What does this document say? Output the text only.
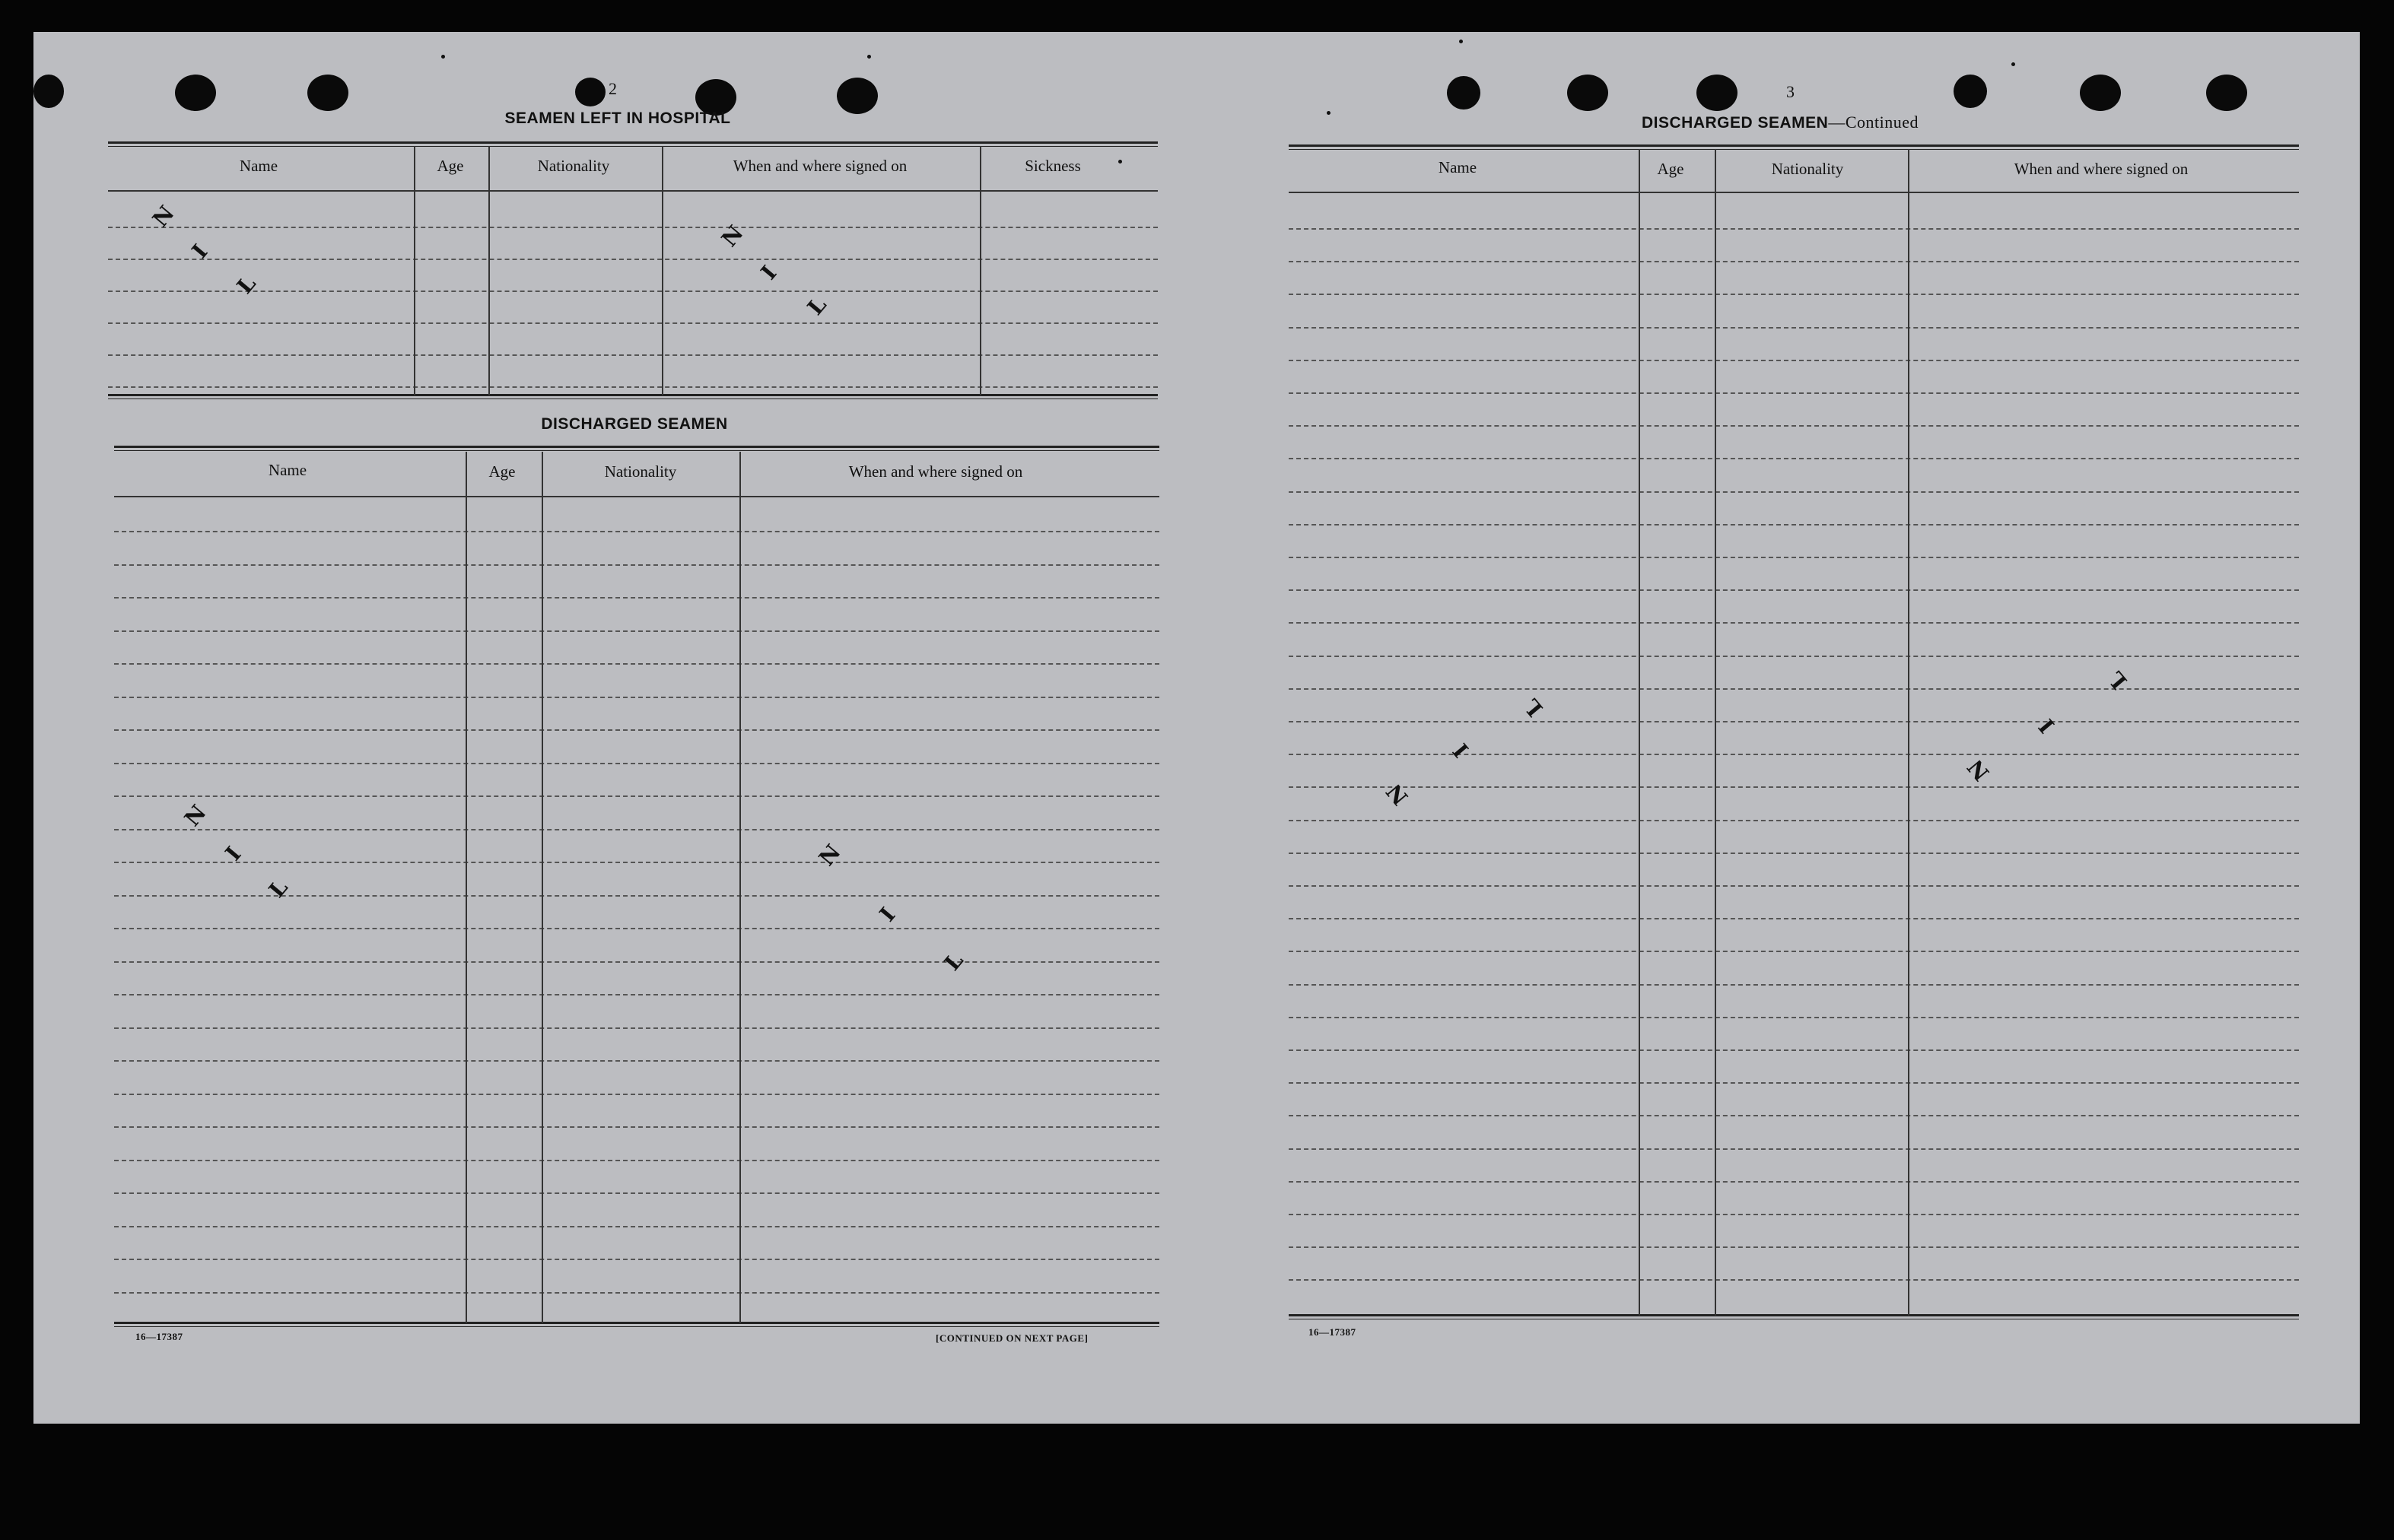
2
SEAMEN LEFT IN HOSPITAL
Name	Age	Nationality	When and where signed on	Sickness
N
I
L
N
I
L
DISCHARGED SEAMEN
Name	Age	Nationality	When and where signed on
N
I
L
N
I
L
16—17387	[CONTINUED ON NEXT PAGE]
3
DISCHARGED SEAMEN—Continued
Name	Age	Nationality	When and where signed on
N
I
L
N
I
L
16—17387
